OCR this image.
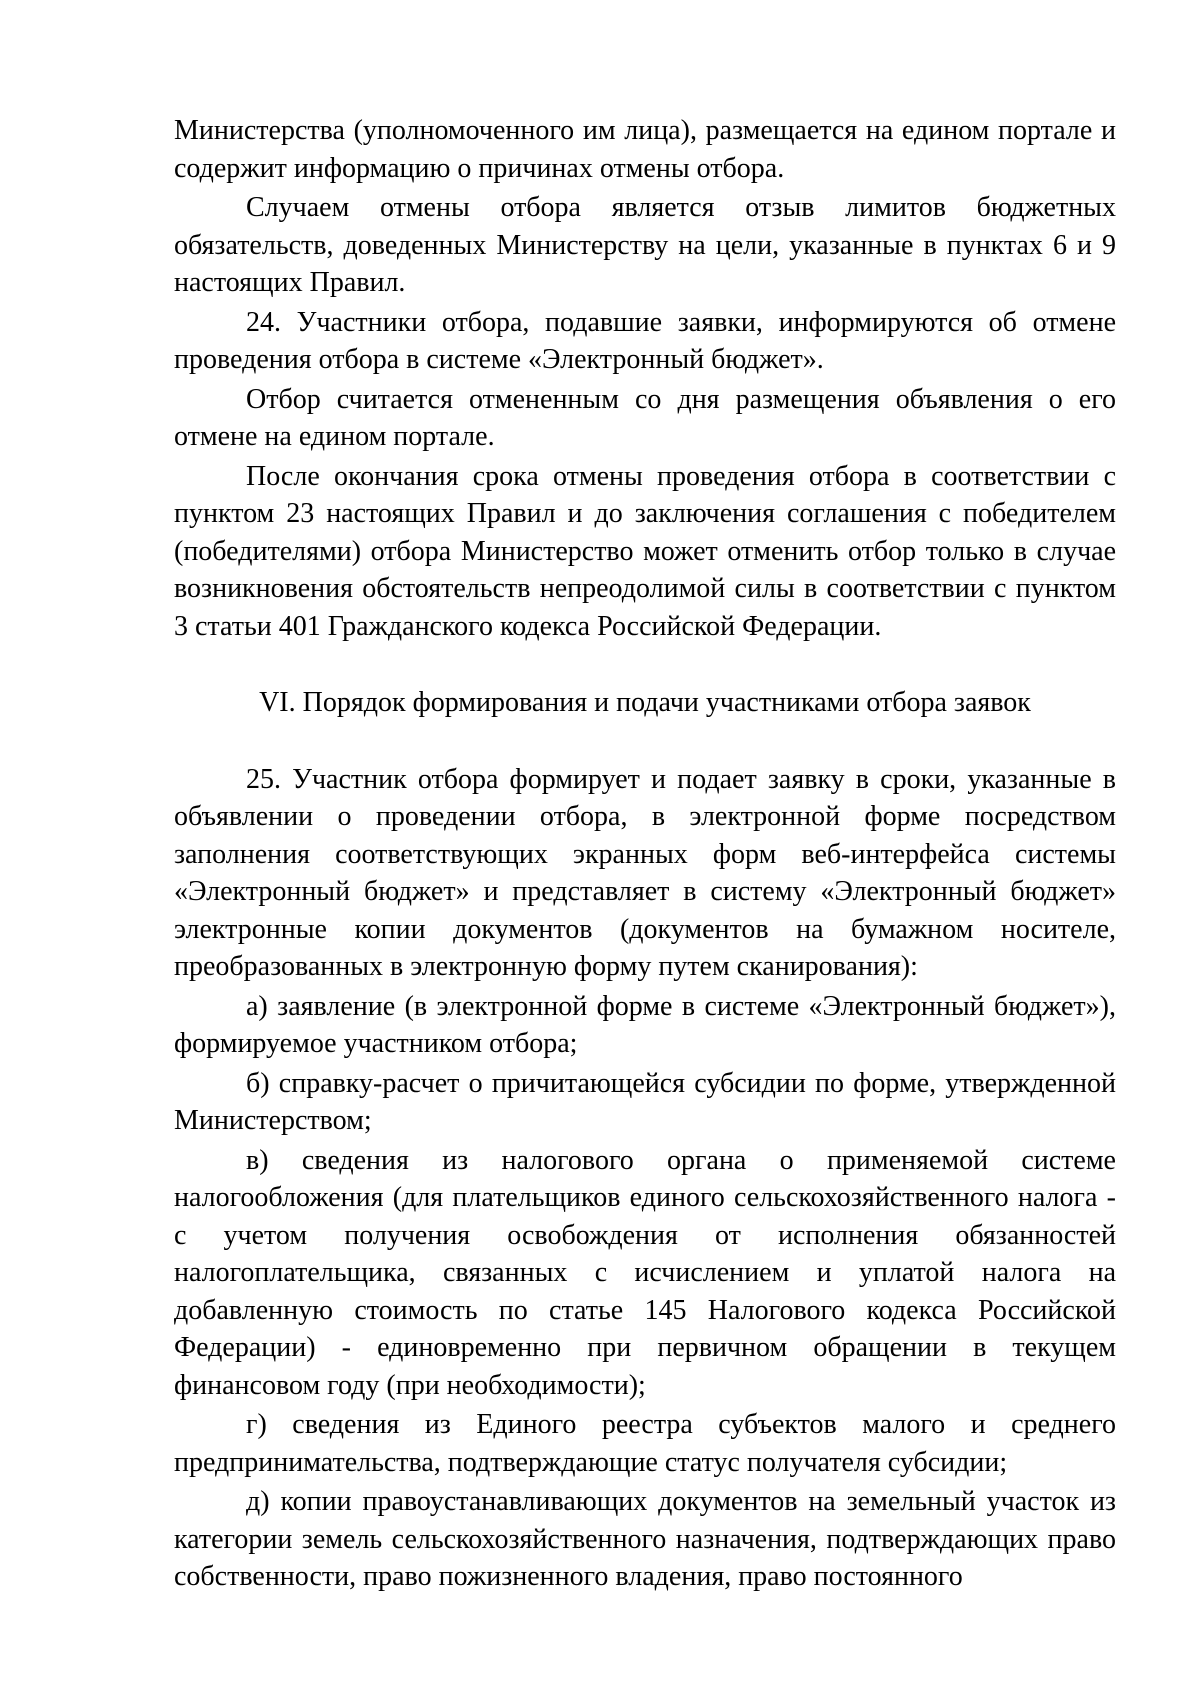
Министерства (уполномоченного им лица), размещается на едином портале и содержит информацию о причинах отмены отбора.

Случаем отмены отбора является отзыв лимитов бюджетных обязательств, доведенных Министерству на цели, указанные в пунктах 6 и 9 настоящих Правил.

24. Участники отбора, подавшие заявки, информируются об отмене проведения отбора в системе «Электронный бюджет».

Отбор считается отмененным со дня размещения объявления о его отмене на едином портале.

После окончания срока отмены проведения отбора в соответствии с пунктом 23 настоящих Правил и до заключения соглашения с победителем (победителями) отбора Министерство может отменить отбор только в случае возникновения обстоятельств непреодолимой силы в соответствии с пунктом 3 статьи 401 Гражданского кодекса Российской Федерации.

VI. Порядок формирования и подачи участниками отбора заявок

25. Участник отбора формирует и подает заявку в сроки, указанные в объявлении о проведении отбора, в электронной форме посредством заполнения соответствующих экранных форм веб-интерфейса системы «Электронный бюджет» и представляет в систему «Электронный бюджет» электронные копии документов (документов на бумажном носителе, преобразованных в электронную форму путем сканирования):

а) заявление (в электронной форме в системе «Электронный бюджет»), формируемое участником отбора;

б) справку-расчет о причитающейся субсидии по форме, утвержденной Министерством;

в) сведения из налогового органа о применяемой системе налогообложения (для плательщиков единого сельскохозяйственного налога - с учетом получения освобождения от исполнения обязанностей налогоплательщика, связанных с исчислением и уплатой налога на добавленную стоимость по статье 145 Налогового кодекса Российской Федерации) - единовременно при первичном обращении в текущем финансовом году (при необходимости);

г) сведения из Единого реестра субъектов малого и среднего предпринимательства, подтверждающие статус получателя субсидии;

д) копии правоустанавливающих документов на земельный участок из категории земель сельскохозяйственного назначения, подтверждающих право собственности, право пожизненного владения, право постоянного
